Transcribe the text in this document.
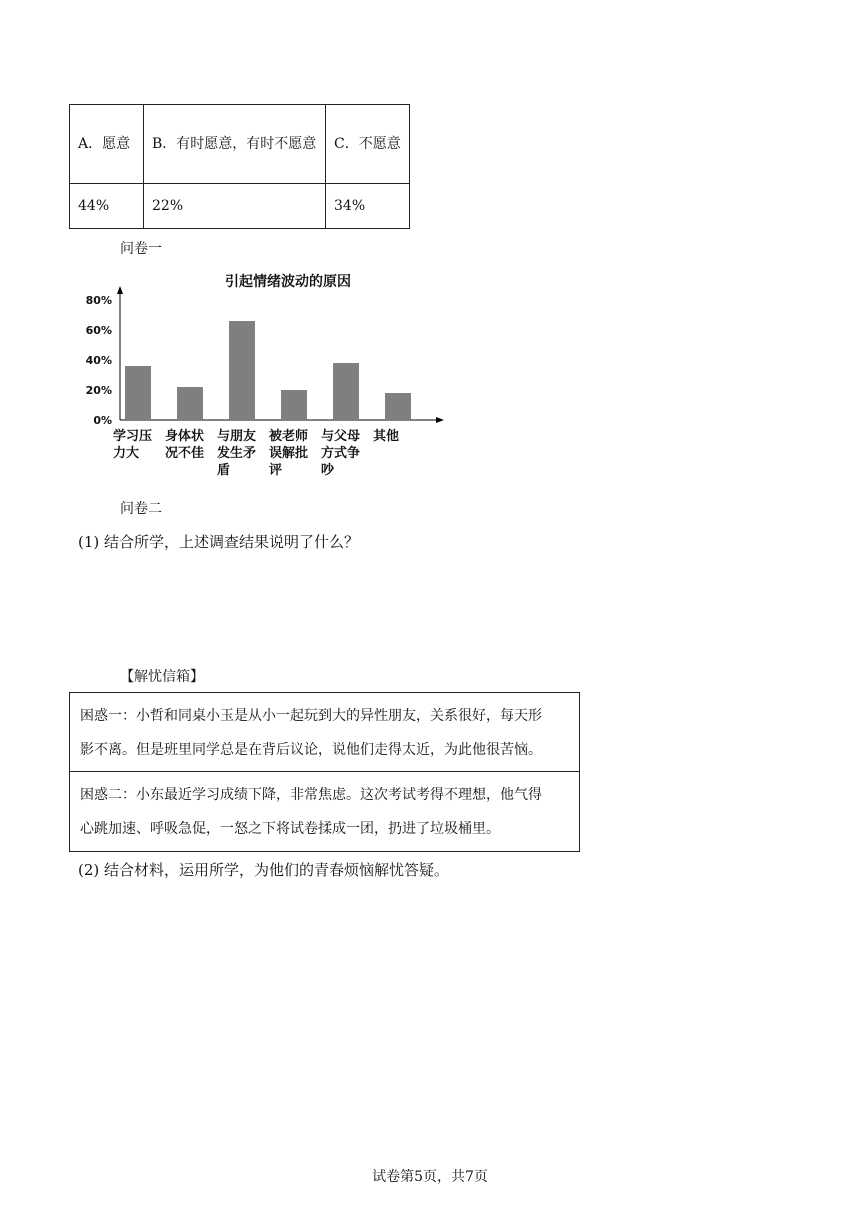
A．愿意	B．有时愿意，有时不愿意	C．不愿意
44%	22%	34%
问卷一
引起情绪波动的原因
0%
20%
40%
60%
80%
学习压
力大
身体状
况不佳
与朋友
发生矛
盾
被老师
误解批
评
与父母
方式争
吵
其他
问卷二
(1) 结合所学，上述调查结果说明了什么？
【解忧信箱】
困惑一：小哲和同桌小玉是从小一起玩到大的异性朋友，关系很好，每天形
影不离。但是班里同学总是在背后议论，说他们走得太近，为此他很苦恼。
困惑二：小东最近学习成绩下降，非常焦虑。这次考试考得不理想，他气得
心跳加速、呼吸急促，一怒之下将试卷揉成一团，扔进了垃圾桶里。
(2) 结合材料，运用所学，为他们的青春烦恼解忧答疑。
试卷第5页，共7页
